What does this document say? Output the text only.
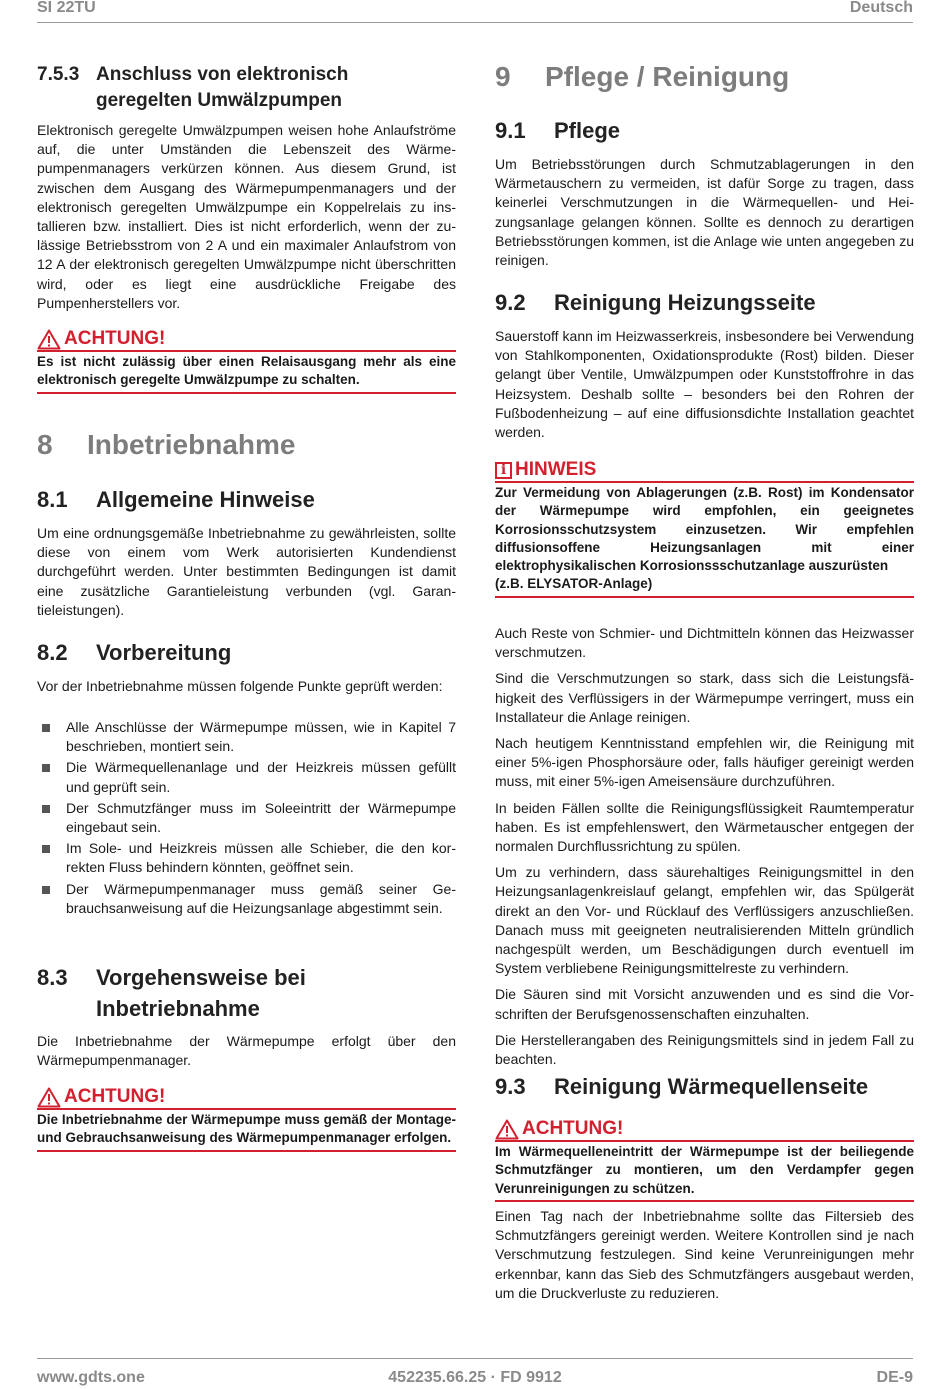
SI 22TU	Deutsch
7.5.3 Anschluss von elektronisch
geregelten Umwälzpumpen

Elektronisch geregelte Umwälzpumpen weisen hohe Anlaufströme auf, die unter Umständen die Lebenszeit des Wärmepumpenmanagers verkürzen können. Aus diesem Grund, ist zwischen dem Ausgang des Wärmepumpenmanagers und der elektronisch geregelten Umwälzpumpe ein Koppelrelais zu installieren bzw. installiert. Dies ist nicht erforderlich, wenn der zulässige Betriebsstrom von 2 A und ein maximaler Anlaufstrom von 12 A der elektronisch geregelten Umwälzpumpe nicht überschritten wird, oder es liegt eine ausdrückliche Freigabe des Pumpenherstellers vor.

ACHTUNG!
Es ist nicht zulässig über einen Relaisausgang mehr als eine elektronisch geregelte Umwälzpumpe zu schalten.
8 Inbetriebnahme
8.1	Allgemeine Hinweise

Um eine ordnungsgemäße Inbetriebnahme zu gewährleisten, sollte diese von einem vom Werk autorisierten Kundendienst durchgeführt werden. Unter bestimmten Bedingungen ist damit eine zusätzliche Garantieleistung verbunden (vgl. Garantieleistungen).

8.2	Vorbereitung

Vor der Inbetriebnahme müssen folgende Punkte geprüft werden:

Alle Anschlüsse der Wärmepumpe müssen, wie in Kapitel 7 beschrieben, montiert sein.
Die Wärmequellenanlage und der Heizkreis müssen gefüllt und geprüft sein.
Der Schmutzfänger muss im Soleeintritt der Wärmepumpe eingebaut sein.
Im Sole- und Heizkreis müssen alle Schieber, die den korrekten Fluss behindern könnten, geöffnet sein.
Der Wärmepumpenmanager muss gemäß seiner Gebrauchsanweisung auf die Heizungsanlage abgestimmt sein.
8.3	Vorgehensweise bei
Inbetriebnahme

Die Inbetriebnahme der Wärmepumpe erfolgt über den Wärmepumpenmanager.

ACHTUNG!
Die Inbetriebnahme der Wärmepumpe muss gemäß der Montage- und Gebrauchsanweisung des Wärmepumpenmanager erfolgen.
9 Pflege / Reinigung
9.1	Pflege

Um Betriebsstörungen durch Schmutzablagerungen in den Wärmetauschern zu vermeiden, ist dafür Sorge zu tragen, dass keinerlei Verschmutzungen in die Wärmequellen- und Heizungsanlage gelangen können. Sollte es dennoch zu derartigen Betriebsstörungen kommen, ist die Anlage wie unten angegeben zu reinigen.

9.2	Reinigung Heizungsseite

Sauerstoff kann im Heizwasserkreis, insbesondere bei Verwendung von Stahlkomponenten, Oxidationsprodukte (Rost) bilden. Dieser gelangt über Ventile, Umwälzpumpen oder Kunststoffrohre in das Heizsystem. Deshalb sollte – besonders bei den Rohren der Fußbodenheizung – auf eine diffusionsdichte Installation geachtet werden.

i HINWEIS
Zur Vermeidung von Ablagerungen (z.B. Rost) im Kondensator der Wärmepumpe wird empfohlen, ein geeignetes Korrosionsschutzsystem einzusetzen. Wir empfehlen diffusionsoffene Heizungsanlagen mit einer elektrophysikalischen Korrosionssschutzanlage auszurüsten
(z.B. ELYSATOR-Anlage)

Auch Reste von Schmier- und Dichtmitteln können das Heizwasser verschmutzen.

Sind die Verschmutzungen so stark, dass sich die Leistungsfähigkeit des Verflüssigers in der Wärmepumpe verringert, muss ein Installateur die Anlage reinigen.

Nach heutigem Kenntnisstand empfehlen wir, die Reinigung mit einer 5%-igen Phosphorsäure oder, falls häufiger gereinigt werden muss, mit einer 5%-igen Ameisensäure durchzuführen.

In beiden Fällen sollte die Reinigungsflüssigkeit Raumtemperatur haben. Es ist empfehlenswert, den Wärmetauscher entgegen der normalen Durchflussrichtung zu spülen.

Um zu verhindern, dass säurehaltiges Reinigungsmittel in den Heizungsanlagenkreislauf gelangt, empfehlen wir, das Spülgerät direkt an den Vor- und Rücklauf des Verflüssigers anzuschließen. Danach muss mit geeigneten neutralisierenden Mitteln gründlich nachgespült werden, um Beschädigungen durch eventuell im System verbliebene Reinigungsmittelreste zu verhindern.

Die Säuren sind mit Vorsicht anzuwenden und es sind die Vorschriften der Berufsgenossenschaften einzuhalten.

Die Herstellerangaben des Reinigungsmittels sind in jedem Fall zu beachten.

9.3	Reinigung Wärmequellenseite
ACHTUNG!
Im Wärmequelleneintritt der Wärmepumpe ist der beiliegende Schmutzfänger zu montieren, um den Verdampfer gegen Verunreinigungen zu schützen.

Einen Tag nach der Inbetriebnahme sollte das Filtersieb des Schmutzfängers gereinigt werden. Weitere Kontrollen sind je nach Verschmutzung festzulegen. Sind keine Verunreinigungen mehr erkennbar, kann das Sieb des Schmutzfängers ausgebaut werden, um die Druckverluste zu reduzieren.

www.gdts.one	452235.66.25 · FD 9912	DE-9
